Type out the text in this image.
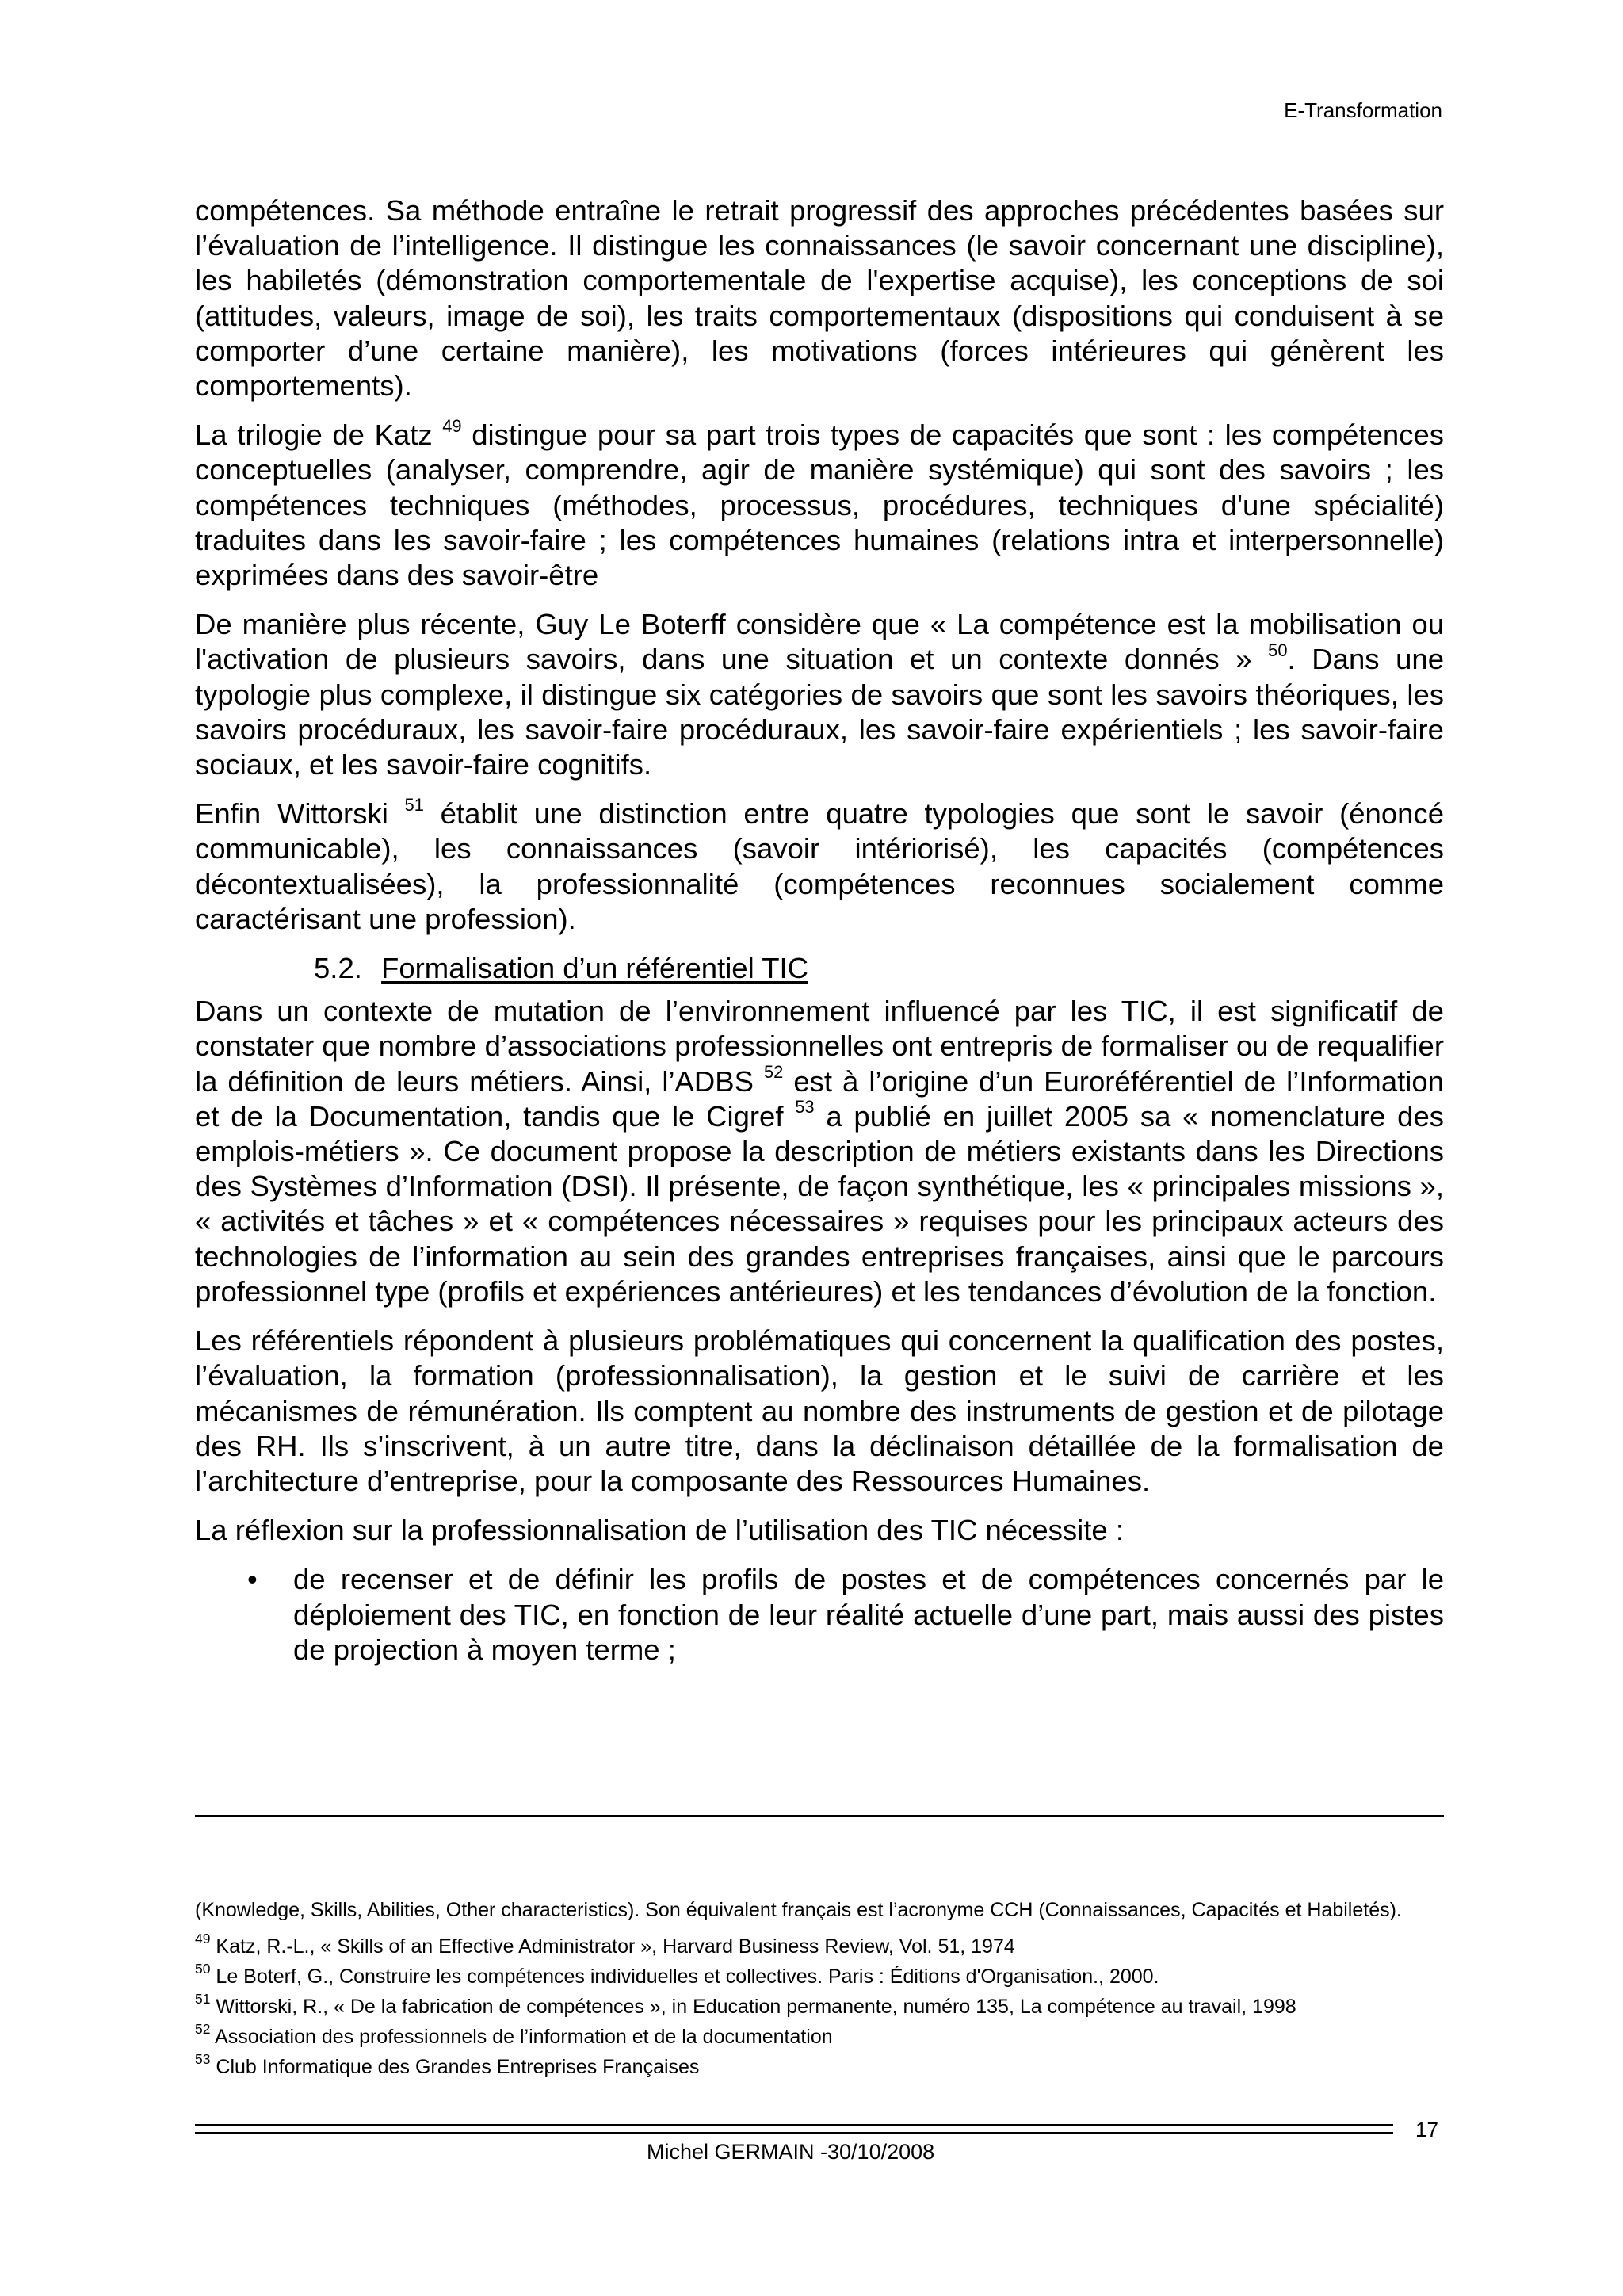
E-Transformation

compétences. Sa méthode entraîne le retrait progressif des approches précédentes basées sur l’évaluation de l’intelligence. Il distingue les connaissances (le savoir concernant une discipline), les habiletés (démonstration comportementale de l'expertise acquise), les conceptions de soi (attitudes, valeurs, image de soi), les traits comportementaux (dispositions qui conduisent à se comporter d’une certaine manière), les motivations (forces intérieures qui génèrent les comportements).

La trilogie de Katz $^{49}$ distingue pour sa part trois types de capacités que sont : les compétences conceptuelles (analyser, comprendre, agir de manière systémique) qui sont des savoirs ; les compétences techniques (méthodes, processus, procédures, techniques d'une spécialité) traduites dans les savoir-faire ; les compétences humaines (relations intra et interpersonnelle) exprimées dans des savoir-être

De manière plus récente, Guy Le Boterff considère que « La compétence est la mobilisation ou l'activation de plusieurs savoirs, dans une situation et un contexte donnés » $^{50}$. Dans une typologie plus complexe, il distingue six catégories de savoirs que sont les savoirs théoriques, les savoirs procéduraux, les savoir-faire procéduraux, les savoir-faire expérientiels ; les savoir-faire sociaux, et les savoir-faire cognitifs.

Enfin Wittorski $^{51}$ établit une distinction entre quatre typologies que sont le savoir (énoncé communicable), les connaissances (savoir intériorisé), les capacités (compétences décontextualisées), la professionnalité (compétences reconnues socialement comme caractérisant une profession).

5.2. Formalisation d’un référentiel TIC

Dans un contexte de mutation de l’environnement influencé par les TIC, il est significatif de constater que nombre d’associations professionnelles ont entrepris de formaliser ou de requalifier la définition de leurs métiers. Ainsi, l’ADBS $^{52}$ est à l’origine d’un Euroréférentiel de l’Information et de la Documentation, tandis que le Cigref $^{53}$ a publié en juillet 2005 sa « nomenclature des emplois-métiers ». Ce document propose la description de métiers existants dans les Directions des Systèmes d’Information (DSI). Il présente, de façon synthétique, les « principales missions », « activités et tâches » et « compétences nécessaires » requises pour les principaux acteurs des technologies de l’information au sein des grandes entreprises françaises, ainsi que le parcours professionnel type (profils et expériences antérieures) et les tendances d’évolution de la fonction.

Les référentiels répondent à plusieurs problématiques qui concernent la qualification des postes, l’évaluation, la formation (professionnalisation), la gestion et le suivi de carrière et les mécanismes de rémunération. Ils comptent au nombre des instruments de gestion et de pilotage des RH. Ils s’inscrivent, à un autre titre, dans la déclinaison détaillée de la formalisation de l’architecture d’entreprise, pour la composante des Ressources Humaines.

La réflexion sur la professionnalisation de l’utilisation des TIC nécessite :

• de recenser et de définir les profils de postes et de compétences concernés par le déploiement des TIC, en fonction de leur réalité actuelle d’une part, mais aussi des pistes de projection à moyen terme ;

(Knowledge, Skills, Abilities, Other characteristics). Son équivalent français est l’acronyme CCH (Connaissances, Capacités et Habiletés).

$^{49}$ Katz, R.-L., « Skills of an Effective Administrator », Harvard Business Review, Vol. 51, 1974

$^{50}$ Le Boterf, G., Construire les compétences individuelles et collectives. Paris : Éditions d'Organisation., 2000.

$^{51}$ Wittorski, R., « De la fabrication de compétences », in Education permanente, numéro 135, La compétence au travail, 1998

$^{52}$ Association des professionnels de l’information et de la documentation

$^{53}$ Club Informatique des Grandes Entreprises Françaises

Michel GERMAIN -30/10/2008
17
